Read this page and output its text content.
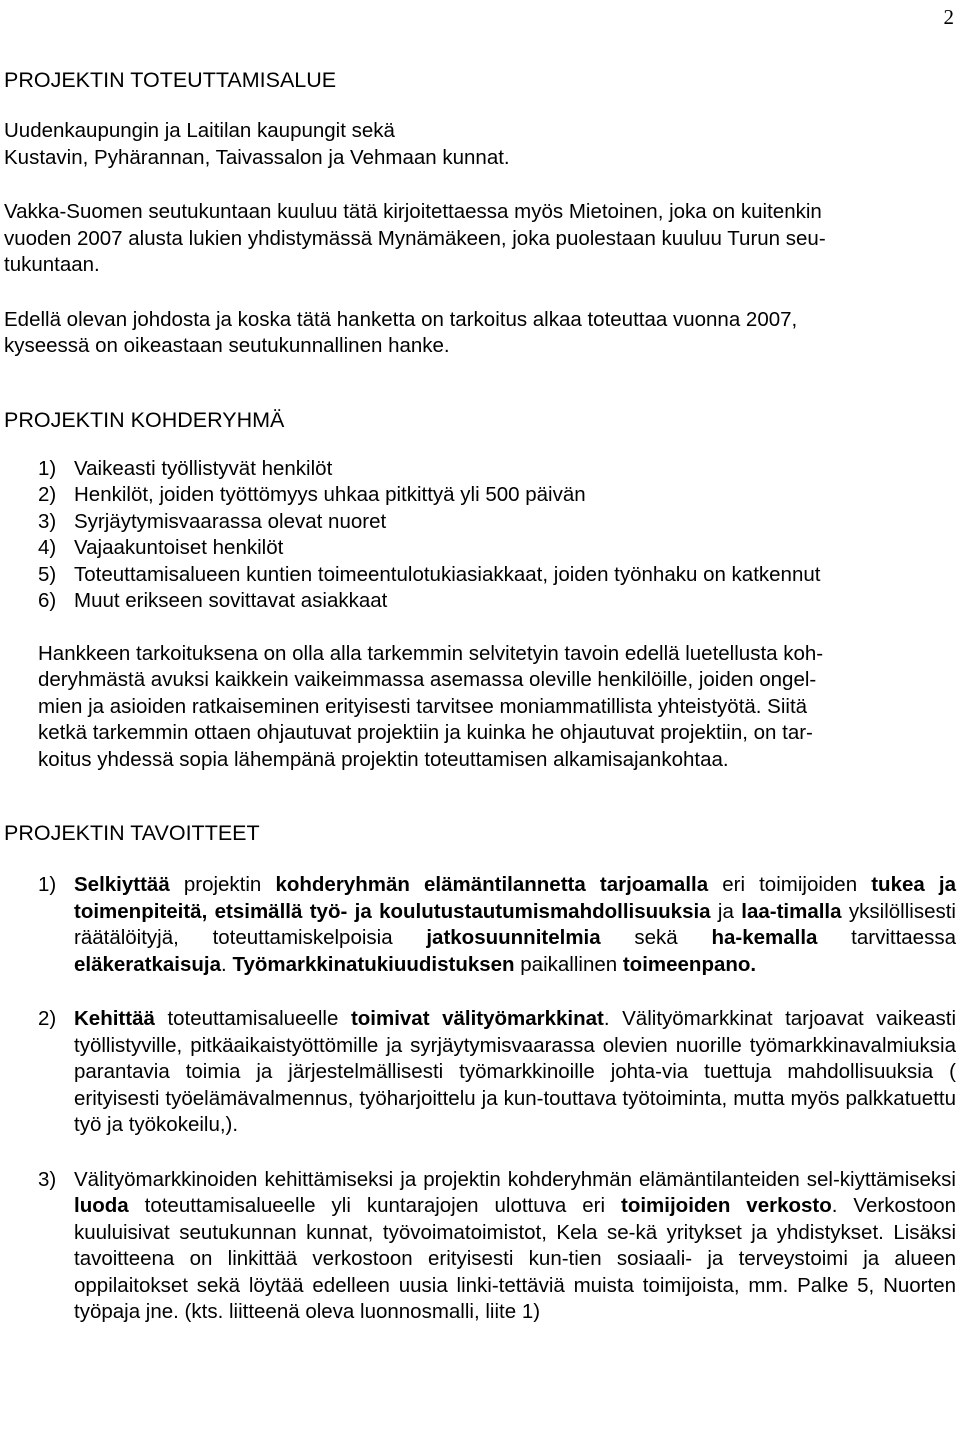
2
PROJEKTIN TOTEUTTAMISALUE

Uudenkaupungin ja Laitilan kaupungit sekä
Kustavin, Pyhärannan, Taivassalon ja Vehmaan kunnat.

Vakka-Suomen seutukuntaan kuuluu tätä kirjoitettaessa myös Mietoinen, joka on kuitenkin
vuoden 2007 alusta lukien yhdistymässä Mynämäkeen, joka puolestaan kuuluu Turun seu-
tukuntaan.

Edellä olevan johdosta ja koska tätä hanketta on tarkoitus alkaa toteuttaa vuonna 2007,
kyseessä on oikeastaan seutukunnallinen hanke.

PROJEKTIN KOHDERYHMÄ
1) Vaikeasti työllistyvät henkilöt
2) Henkilöt, joiden työttömyys uhkaa pitkittyä yli 500 päivän
3) Syrjäytymisvaarassa olevat nuoret
4) Vajaakuntoiset henkilöt
5) Toteuttamisalueen kuntien toimeentulotukiasiakkaat, joiden työnhaku on katkennut
6) Muut erikseen sovittavat asiakkaat

Hankkeen tarkoituksena on olla alla tarkemmin selvitetyin tavoin edellä luetellusta koh-
deryhmästä avuksi kaikkein vaikeimmassa asemassa oleville henkilöille, joiden ongel-
mien ja asioiden ratkaiseminen erityisesti tarvitsee moniammatillista yhteistyötä. Siitä
ketkä tarkemmin ottaen ohjautuvat projektiin ja kuinka he ohjautuvat projektiin, on tar-
koitus yhdessä sopia lähempänä projektin toteuttamisen alkamisajankohtaa.

PROJEKTIN TAVOITTEET
1) Selkiyttää projektin kohderyhmän elämäntilannetta tarjoamalla eri toimijoiden tukea ja toimenpiteitä, etsimällä työ- ja koulutustautumismahdollisuuksia ja laa-timalla yksilöllisesti räätälöityjä, toteuttamiskelpoisia jatkosuunnitelmia sekä ha-kemalla tarvittaessa eläkeratkaisuja. Työmarkkinatukiuudistuksen paikallinen toimeenpano.
2) Kehittää toteuttamisalueelle toimivat välityömarkkinat. Välityömarkkinat tarjoavat vaikeasti työllistyville, pitkäaikaistyöttömille ja syrjäytymisvaarassa olevien nuorille työmarkkinavalmiuksia parantavia toimia ja järjestelmällisesti työmarkkinoille johta-via tuettuja mahdollisuuksia ( erityisesti työelämävalmennus, työharjoittelu ja kun-touttava työtoiminta, mutta myös palkkatuettu työ ja työkokeilu,).
3) Välityömarkkinoiden kehittämiseksi ja projektin kohderyhmän elämäntilanteiden sel-kiyttämiseksi luoda toteuttamisalueelle yli kuntarajojen ulottuva eri toimijoiden verkosto. Verkostoon kuuluisivat seutukunnan kunnat, työvoimatoimistot, Kela se-kä yritykset ja yhdistykset. Lisäksi tavoitteena on linkittää verkostoon erityisesti kun-tien sosiaali- ja terveystoimi ja alueen oppilaitokset sekä löytää edelleen uusia linki-tettäviä muista toimijoista, mm. Palke 5, Nuorten työpaja jne. (kts. liitteenä oleva luonnosmalli, liite 1)
